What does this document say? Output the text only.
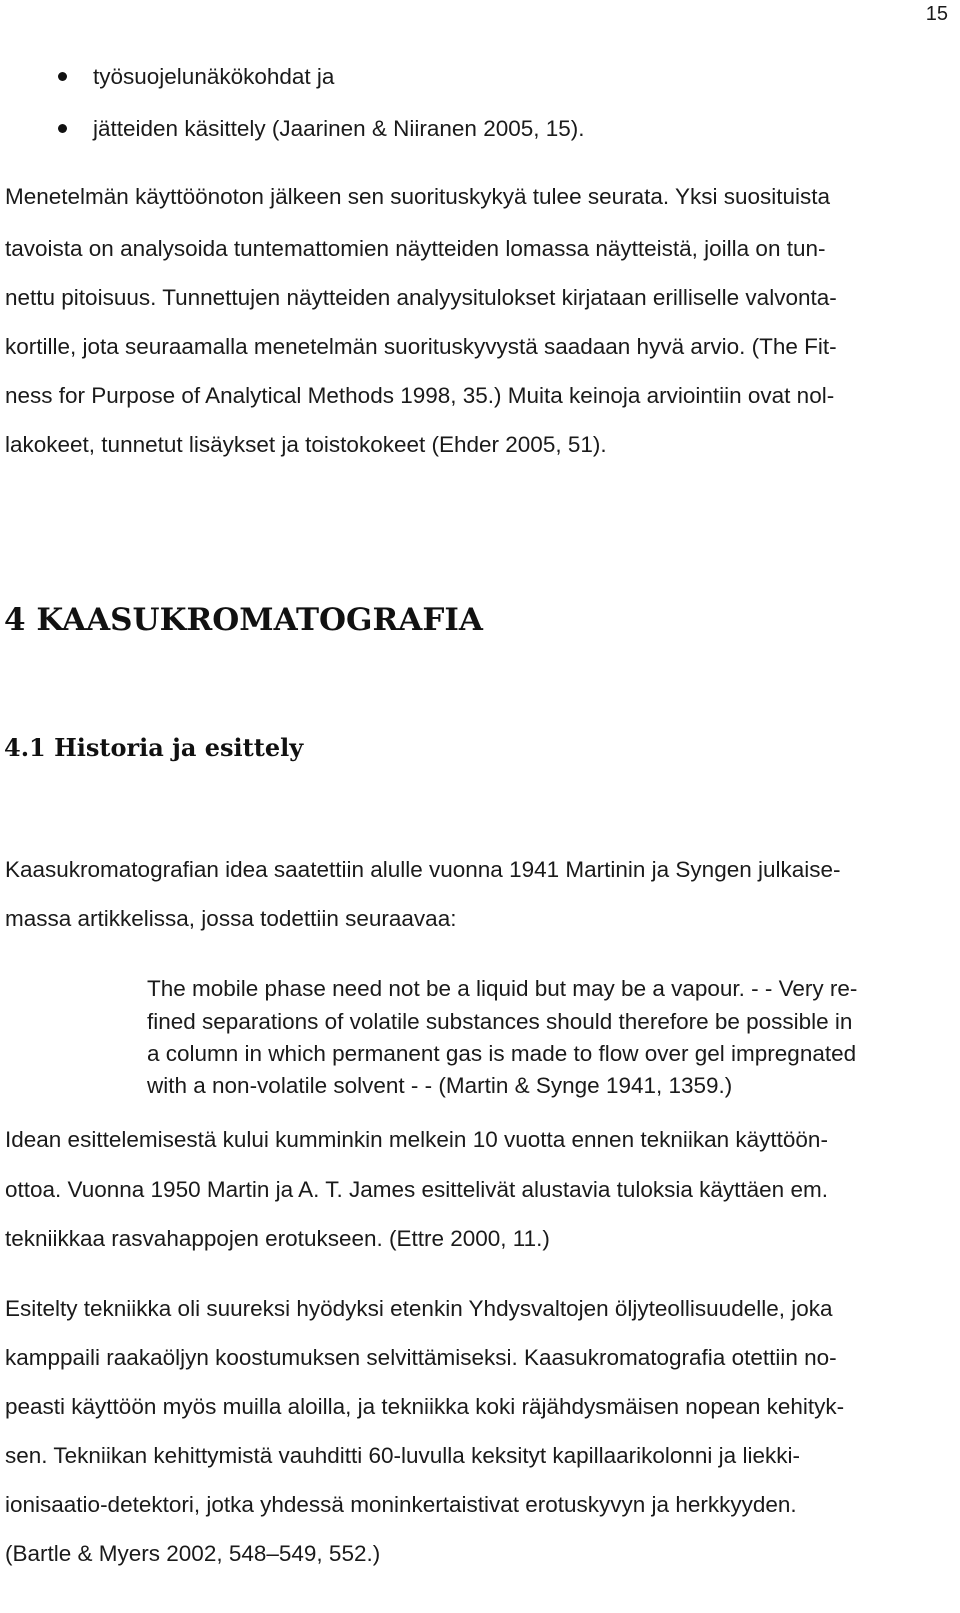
15
työsuojelunäkökohdat ja
jätteiden käsittely (Jaarinen & Niiranen 2005, 15).
Menetelmän käyttöönoton jälkeen sen suorituskykyä tulee seurata. Yksi suosituista
tavoista on analysoida tuntemattomien näytteiden lomassa näytteistä, joilla on tun-
nettu pitoisuus. Tunnettujen näytteiden analyysitulokset kirjataan erilliselle valvonta-
kortille, jota seuraamalla menetelmän suorituskyvystä saadaan hyvä arvio. (The Fit-
ness for Purpose of Analytical Methods 1998, 35.) Muita keinoja arviointiin ovat nol-
lakokeet, tunnetut lisäykset ja toistokokeet (Ehder 2005, 51).
4 KAASUKROMATOGRAFIA
4.1 Historia ja esittely
Kaasukromatografian idea saatettiin alulle vuonna 1941 Martinin ja Syngen julkaise-
massa artikkelissa, jossa todettiin seuraavaa:
The mobile phase need not be a liquid but may be a vapour. - - Very re-
fined separations of volatile substances should therefore be possible in
a column in which permanent gas is made to flow over gel impregnated
with a non-volatile solvent - - (Martin & Synge 1941, 1359.)
Idean esittelemisestä kului kumminkin melkein 10 vuotta ennen tekniikan käyttöön-
ottoa. Vuonna 1950 Martin ja A. T. James esittelivät alustavia tuloksia käyttäen em.
tekniikkaa rasvahappojen erotukseen. (Ettre 2000, 11.)
Esitelty tekniikka oli suureksi hyödyksi etenkin Yhdysvaltojen öljyteollisuudelle, joka
kamppaili raakaöljyn koostumuksen selvittämiseksi. Kaasukromatografia otettiin no-
peasti käyttöön myös muilla aloilla, ja tekniikka koki räjähdysmäisen nopean kehityk-
sen. Tekniikan kehittymistä vauhditti 60-luvulla keksityt kapillaarikolonni ja liekki-
ionisaatio-detektori, jotka yhdessä moninkertaistivat erotuskyvyn ja herkkyyden.
(Bartle & Myers 2002, 548–549, 552.)
